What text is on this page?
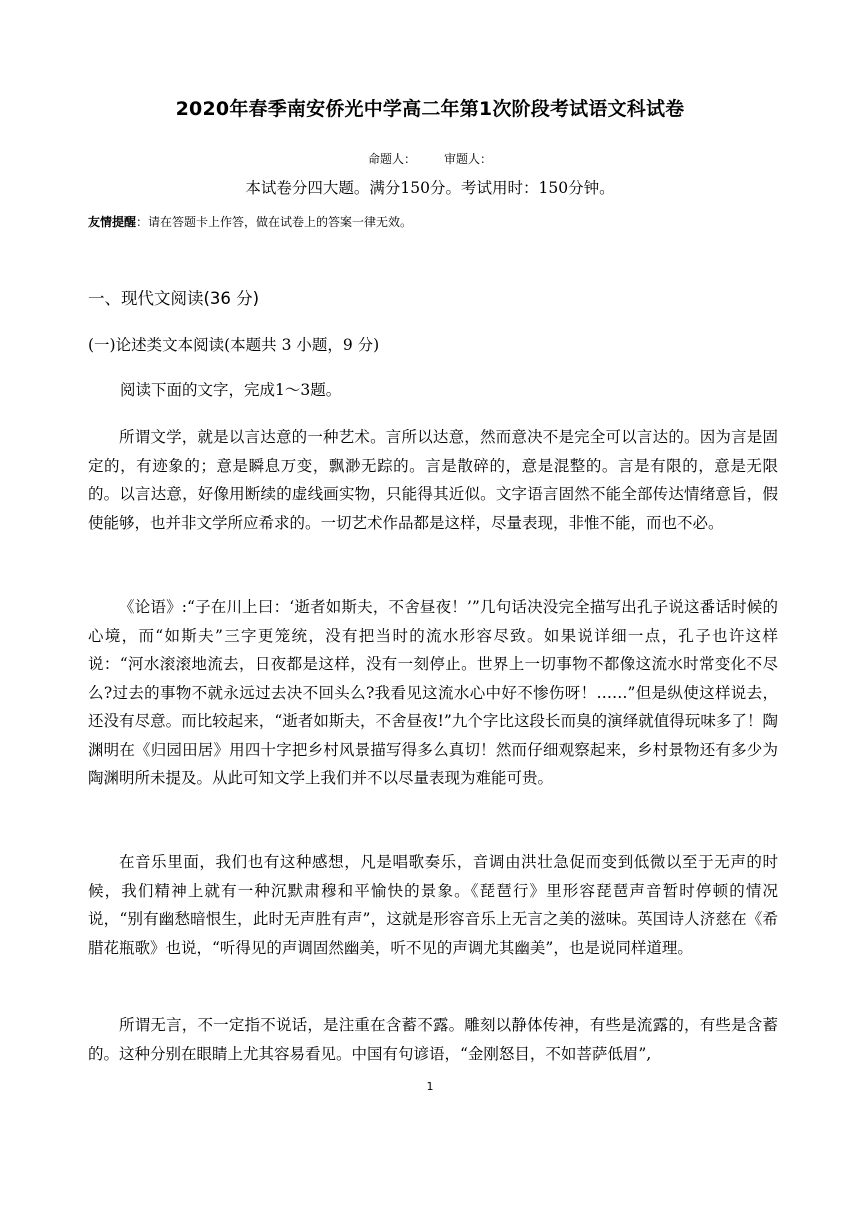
2020年春季南安侨光中学高二年第1次阶段考试语文科试卷
命题人： 审题人：
本试卷分四大题。满分150分。考试用时：150分钟。
友情提醒：请在答题卡上作答，做在试卷上的答案一律无效。
一、现代文阅读(36 分)
(一)论述类文本阅读(本题共 3 小题，9 分)
阅读下面的文字，完成1～3题。

所谓文学，就是以言达意的一种艺术。言所以达意，然而意决不是完全可以言达的。因为言是固定的，有迹象的；意是瞬息万变，飘渺无踪的。言是散碎的，意是混整的。言是有限的，意是无限的。以言达意，好像用断续的虚线画实物，只能得其近似。文字语言固然不能全部传达情绪意旨，假使能够，也并非文学所应希求的。一切艺术作品都是这样，尽量表现，非惟不能，而也不必。

《论语》:“子在川上曰：‘逝者如斯夫，不舍昼夜！’”几句话决没完全描写出孔子说这番话时候的心境，而“如斯夫”三字更笼统，没有把当时的流水形容尽致。如果说详细一点，孔子也许这样说：“河水滚滚地流去，日夜都是这样，没有一刻停止。世界上一切事物不都像这流水时常变化不尽么?过去的事物不就永远过去决不回头么?我看见这流水心中好不惨伤呀！……”但是纵使这样说去，还没有尽意。而比较起来，“逝者如斯夫，不舍昼夜!”九个字比这段长而臭的演绎就值得玩味多了！陶渊明在《归园田居》用四十字把乡村风景描写得多么真切！然而仔细观察起来，乡村景物还有多少为陶渊明所未提及。从此可知文学上我们并不以尽量表现为难能可贵。

在音乐里面，我们也有这种感想，凡是唱歌奏乐，音调由洪壮急促而变到低微以至于无声的时候，我们精神上就有一种沉默肃穆和平愉快的景象。《琵琶行》里形容琵琶声音暂时停顿的情况说，“别有幽愁暗恨生，此时无声胜有声”，这就是形容音乐上无言之美的滋味。英国诗人济慈在《希腊花瓶歌》也说，“听得见的声调固然幽美，听不见的声调尤其幽美”，也是说同样道理。

所谓无言，不一定指不说话，是注重在含蓄不露。雕刻以静体传神，有些是流露的，有些是含蓄的。这种分别在眼睛上尤其容易看见。中国有句谚语，“金刚怒目，不如菩萨低眉”,

1
